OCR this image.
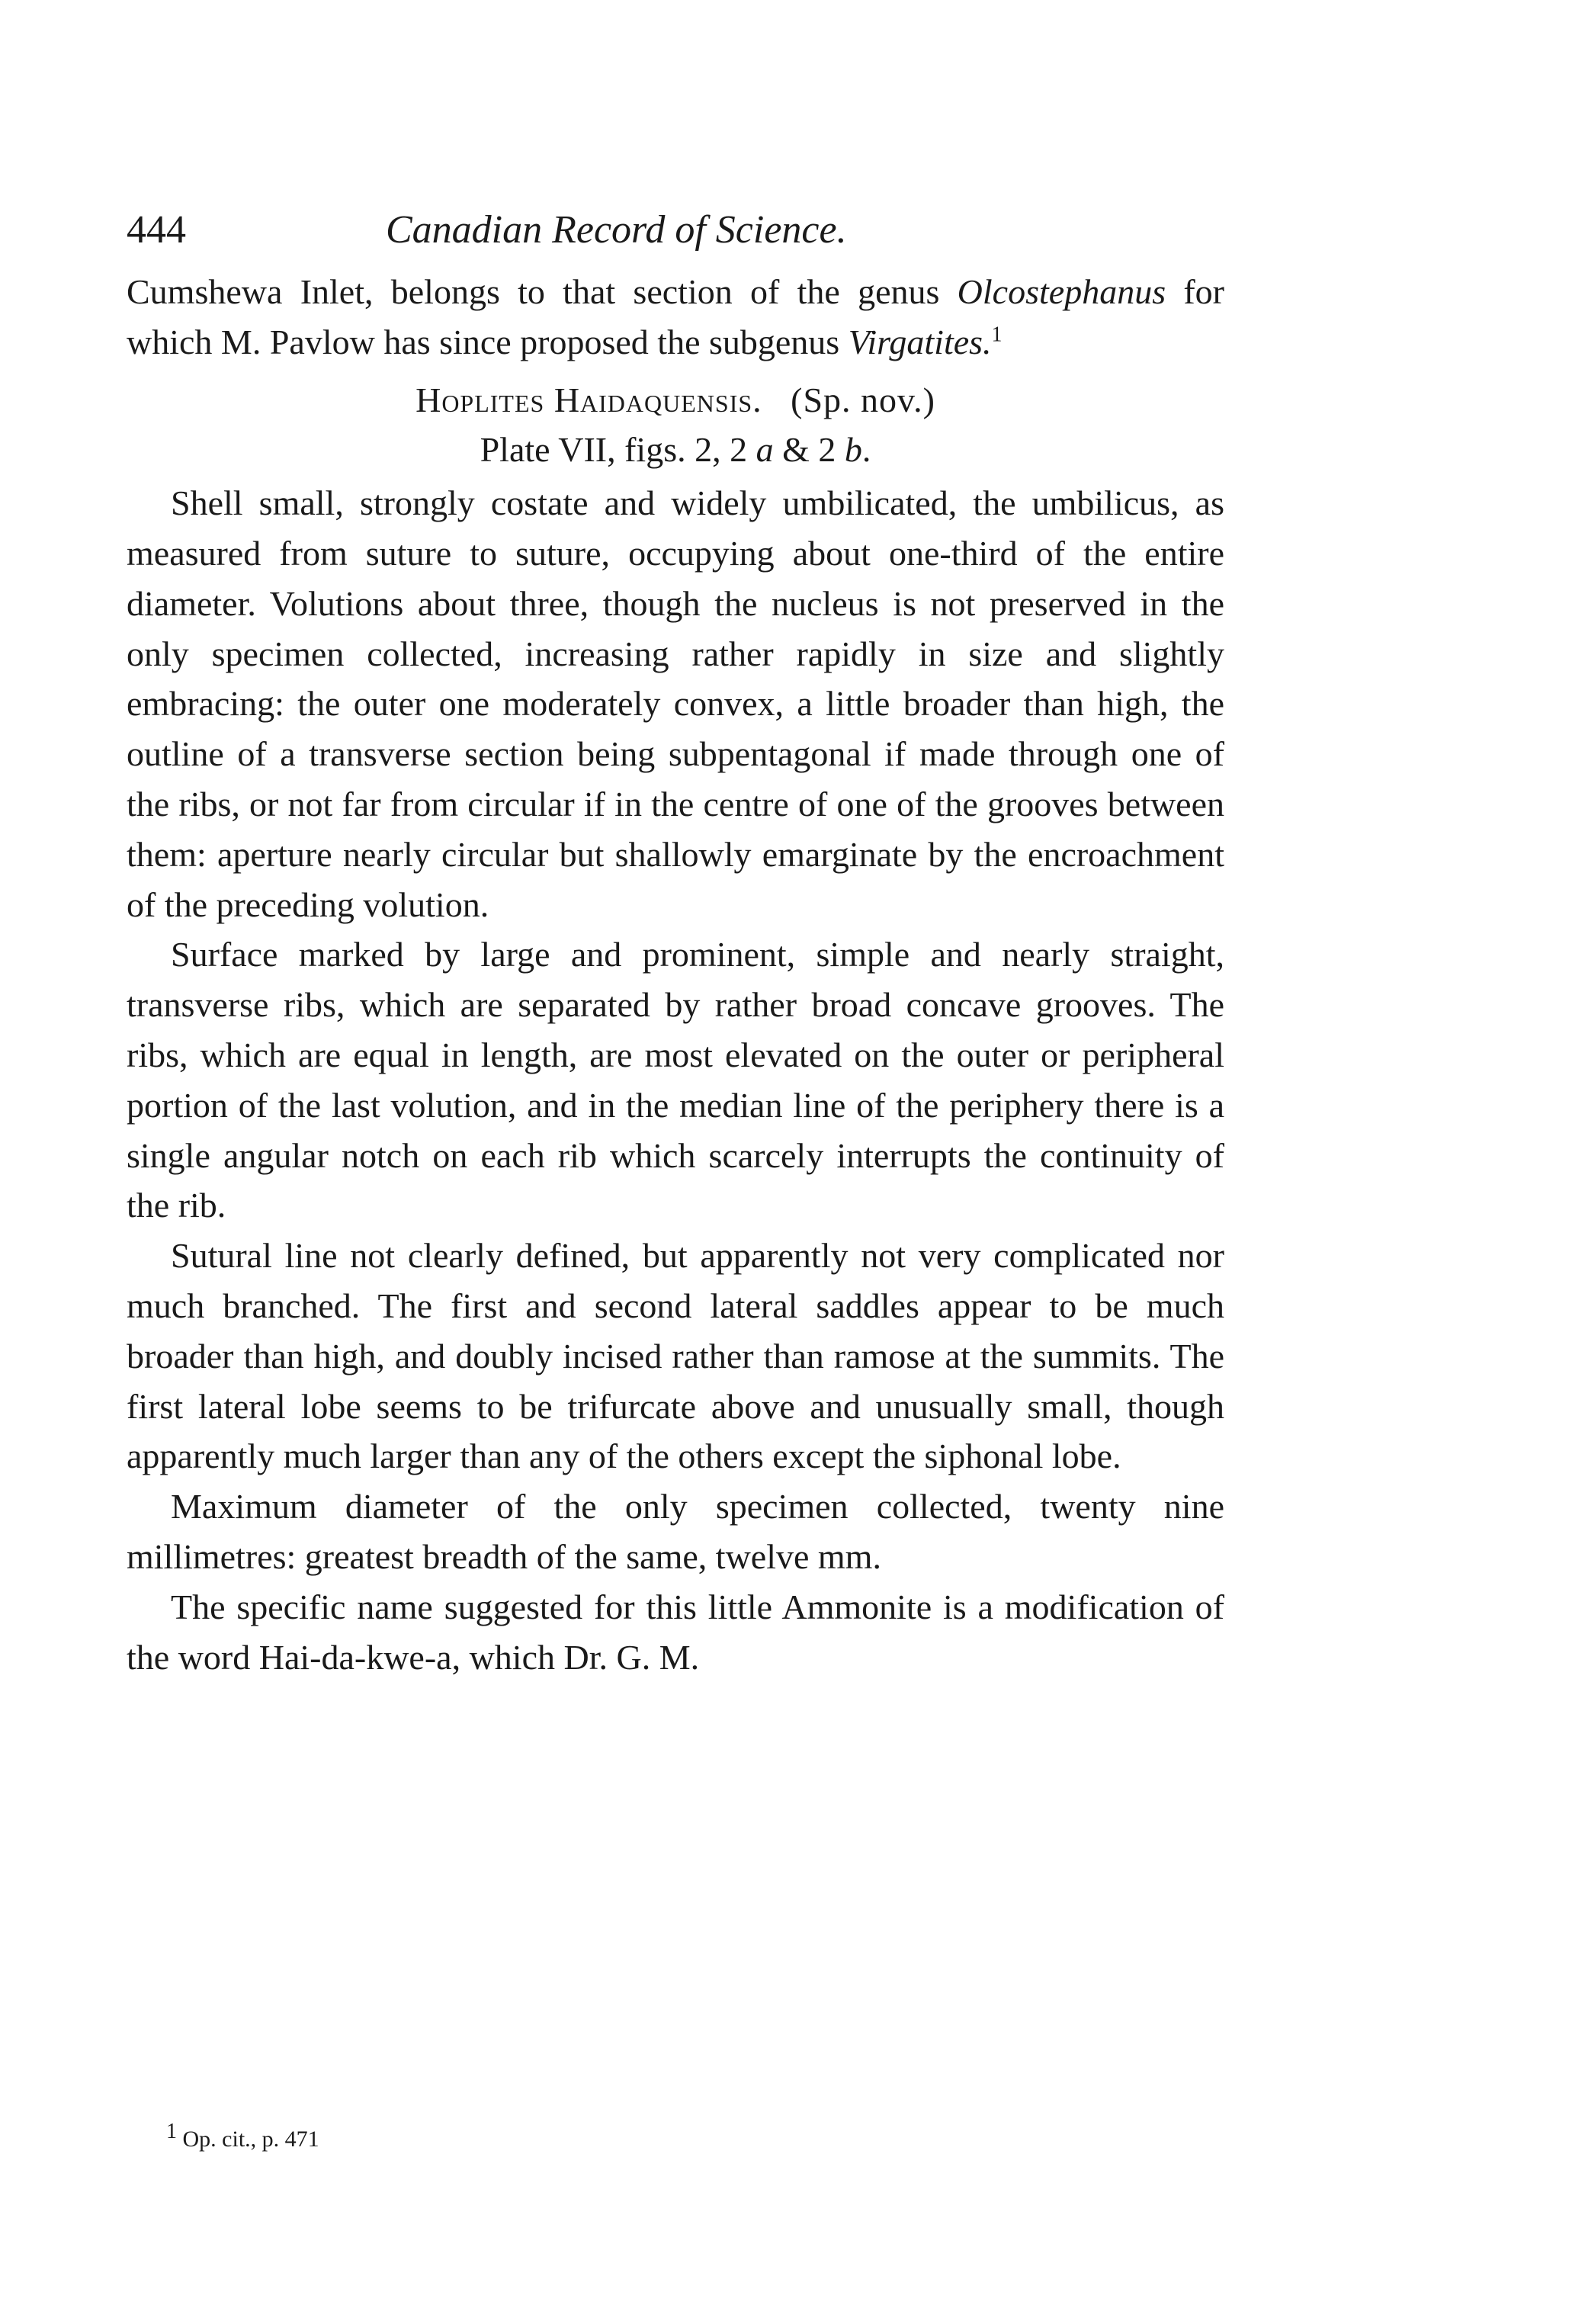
444	Canadian Record of Science.

Cumshewa Inlet, belongs to that section of the genus Olcostephanus for which M. Pavlow has since proposed the subgenus Virgatites.$^1$

Hoplites Haidaquensis. (Sp. nov.)

Plate VII, figs. 2, 2 a & 2 b.

Shell small, strongly costate and widely umbilicated, the umbilicus, as measured from suture to suture, occupying about one-third of the entire diameter. Volutions about three, though the nucleus is not preserved in the only specimen collected, increasing rather rapidly in size and slightly embracing: the outer one moderately convex, a little broader than high, the outline of a transverse section being subpentagonal if made through one of the ribs, or not far from circular if in the centre of one of the grooves between them: aperture nearly circular but shallowly emarginate by the encroachment of the preceding volution.

Surface marked by large and prominent, simple and nearly straight, transverse ribs, which are separated by rather broad concave grooves. The ribs, which are equal in length, are most elevated on the outer or peripheral portion of the last volution, and in the median line of the periphery there is a single angular notch on each rib which scarcely interrupts the continuity of the rib.

Sutural line not clearly defined, but apparently not very complicated nor much branched. The first and second lateral saddles appear to be much broader than high, and doubly incised rather than ramose at the summits. The first lateral lobe seems to be trifurcate above and unusually small, though apparently much larger than any of the others except the siphonal lobe.

Maximum diameter of the only specimen collected, twenty nine millimetres: greatest breadth of the same, twelve mm.

The specific name suggested for this little Ammonite is a modification of the word Hai-da-kwe-a, which Dr. G. M.

$^1$ Op. cit., p. 471
